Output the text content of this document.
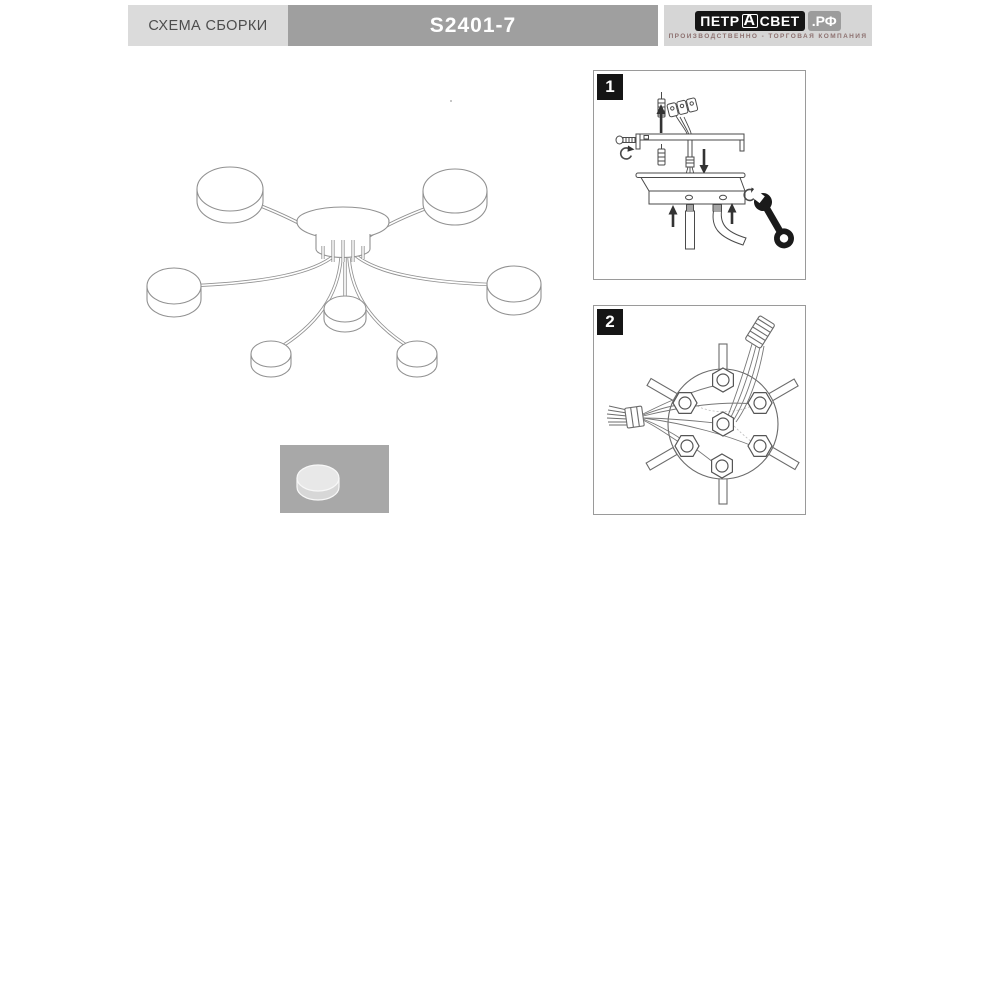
СХЕМА СБОРКИ	S2401-7	ПЕТР А СВЕТ .РФ
ПРОИЗВОДСТВЕННО - ТОРГОВАЯ КОМПАНИЯ
1
2
